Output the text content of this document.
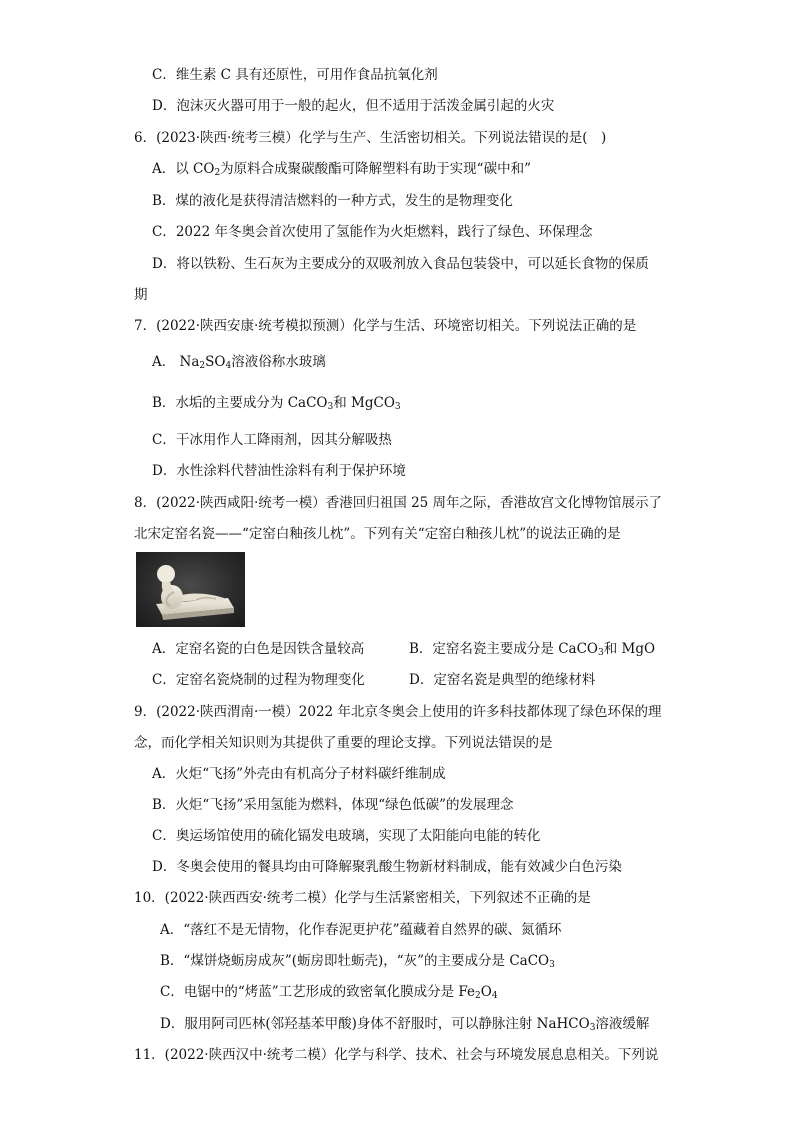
C．维生素 C 具有还原性，可用作食品抗氧化剂
D．泡沫灭火器可用于一般的起火，但不适用于活泼金属引起的火灾
6．(2023·陕西·统考三模）化学与生产、生活密切相关。下列说法错误的是(　)
A．以 $CO_2$为原料合成聚碳酸酯可降解塑料有助于实现“碳中和”
B．煤的液化是获得清洁燃料的一种方式，发生的是物理变化
C．2022 年冬奥会首次使用了氢能作为火炬燃料，践行了绿色、环保理念
D．将以铁粉、生石灰为主要成分的双吸剂放入食品包装袋中，可以延长食物的保质
期
7．(2022·陕西安康·统考模拟预测）化学与生活、环境密切相关。下列说法正确的是
A． $Na_2SO_4$溶液俗称水玻璃
B．水垢的主要成分为 CaCO$_3$和 MgCO$_3$
C．干冰用作人工降雨剂，因其分解吸热
D．水性涂料代替油性涂料有利于保护环境
8．(2022·陕西咸阳·统考一模）香港回归祖国 25 周年之际，香港故宫文化博物馆展示了
北宋定窑名瓷——“定窑白釉孩儿枕”。下列有关“定窑白釉孩儿枕”的说法正确的是
A．定窑名瓷的白色是因铁含量较高	B．定窑名瓷主要成分是 CaCO$_3$和 MgO
C．定窑名瓷烧制的过程为物理变化	D．定窑名瓷是典型的绝缘材料
9．(2022·陕西渭南·一模）2022 年北京冬奥会上使用的许多科技都体现了绿色环保的理
念，而化学相关知识则为其提供了重要的理论支撑。下列说法错误的是
A．火炬“飞扬”外壳由有机高分子材料碳纤维制成
B．火炬“飞扬”采用氢能为燃料，体现“绿色低碳”的发展理念
C．奥运场馆使用的硫化镉发电玻璃，实现了太阳能向电能的转化
D．冬奥会使用的餐具均由可降解聚乳酸生物新材料制成，能有效减少白色污染
10．(2022·陕西西安·统考二模）化学与生活紧密相关，下列叙述不正确的是
A．“落红不是无情物，化作春泥更护花”蕴藏着自然界的碳、氮循环
B．“煤饼烧蛎房成灰”(蛎房即牡蛎壳)，“灰”的主要成分是 CaCO$_3$
C．电锯中的“烤蓝”工艺形成的致密氧化膜成分是 $Fe_2O_4$
D．服用阿司匹林(邻羟基苯甲酸)身体不舒服时，可以静脉注射 NaHCO$_3$溶液缓解
11．(2022·陕西汉中·统考二模）化学与科学、技术、社会与环境发展息息相关。下列说
